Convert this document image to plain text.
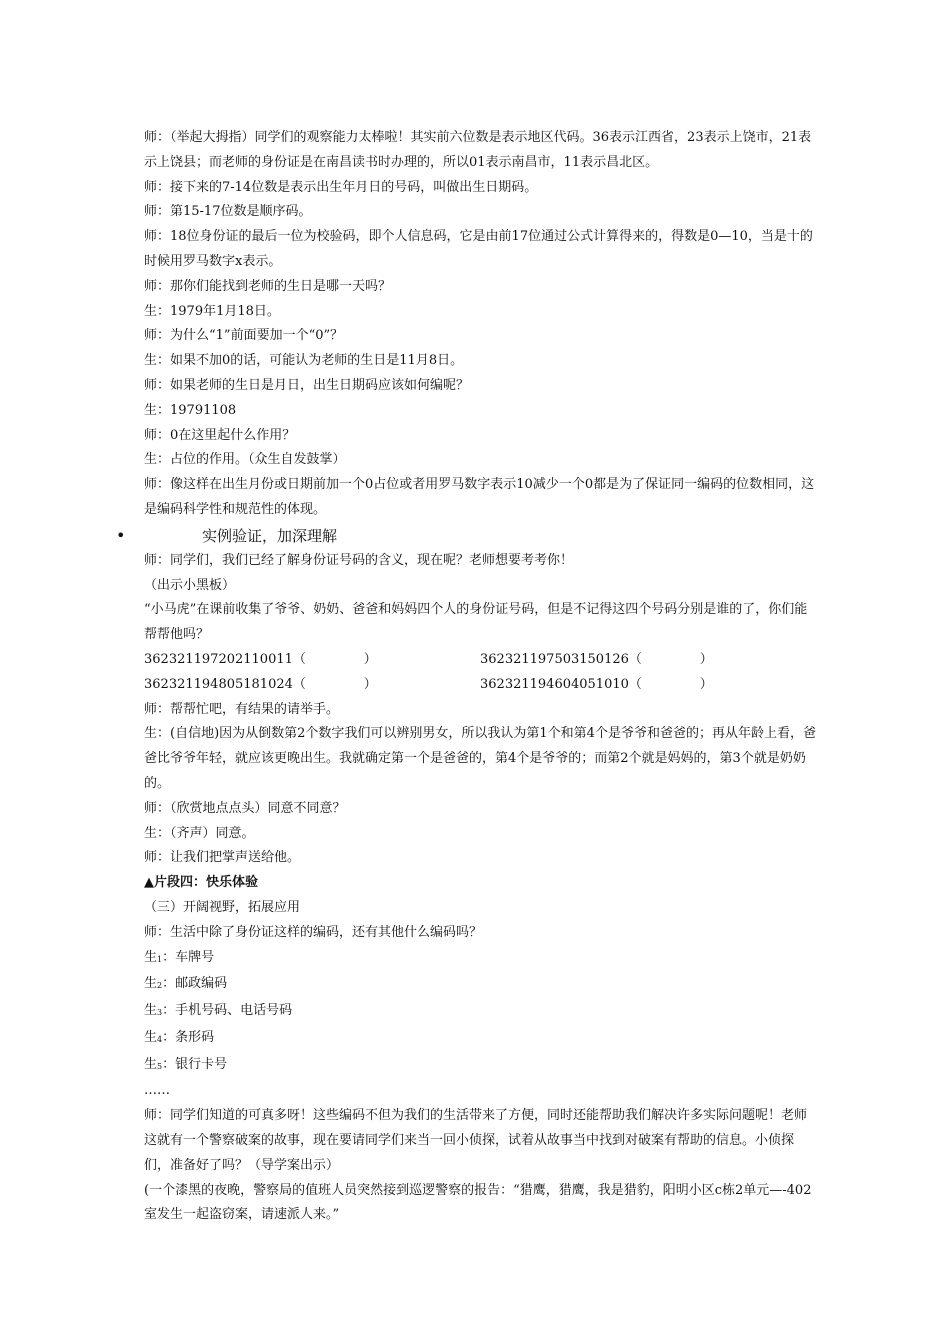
师：（举起大拇指）同学们的观察能力太棒啦！其实前六位数是表示地区代码。36表示江西省，23表示上饶市，21表示上饶县；而老师的身份证是在南昌读书时办理的，所以01表示南昌市，11表示昌北区。

师：接下来的7-14位数是表示出生年月日的号码，叫做出生日期码。

师：第15-17位数是顺序码。

师：18位身份证的最后一位为校验码，即个人信息码，它是由前17位通过公式计算得来的，得数是0—10，当是十的时候用罗马数字x表示。

师：那你们能找到老师的生日是哪一天吗？

生：1979年1月18日。

师：为什么“1”前面要加一个“0”？

生：如果不加0的话，可能认为老师的生日是11月8日。

师：如果老师的生日是月日，出生日期码应该如何编呢？

生：19791108

师：0在这里起什么作用？

生：占位的作用。（众生自发鼓掌）

师：像这样在出生月份或日期前加一个0占位或者用罗马数字表示10减少一个0都是为了保证同一编码的位数相同，这是编码科学性和规范性的体现。

•	实例验证，加深理解

师：同学们，我们已经了解身份证号码的含义，现在呢？老师想要考考你！

（出示小黑板）

“小马虎”在课前收集了爷爷、奶奶、爸爸和妈妈四个人的身份证号码，但是不记得这四个号码分别是谁的了，你们能帮帮他吗？

362321197202110011（              ）	362321197503150126（              ）
362321194805181024（              ）	362321194604051010（              ）

师：帮帮忙吧，有结果的请举手。

生：(自信地)因为从倒数第2个数字我们可以辨别男女，所以我认为第1个和第4个是爷爷和爸爸的；再从年龄上看，爸爸比爷爷年轻，就应该更晚出生。我就确定第一个是爸爸的，第4个是爷爷的；而第2个就是妈妈的，第3个就是奶奶的。

师：（欣赏地点点头）同意不同意？

生：（齐声）同意。

师：让我们把掌声送给他。

▲片段四：快乐体验

（三）开阔视野，拓展应用

师：生活中除了身份证这样的编码，还有其他什么编码吗？

生$_1$：车牌号

生$_2$：邮政编码

生$_3$：手机号码、电话号码

生$_4$：条形码

生$_5$：银行卡号

……

师：同学们知道的可真多呀！这些编码不但为我们的生活带来了方便，同时还能帮助我们解决许多实际问题呢！老师这就有一个警察破案的故事，现在要请同学们来当一回小侦探，试着从故事当中找到对破案有帮助的信息。小侦探们，准备好了吗？（导学案出示）

(一个漆黑的夜晚，警察局的值班人员突然接到巡逻警察的报告：“猎鹰，猎鹰，我是猎豹，阳明小区c栋2单元—-402室发生一起盗窃案，请速派人来。”
